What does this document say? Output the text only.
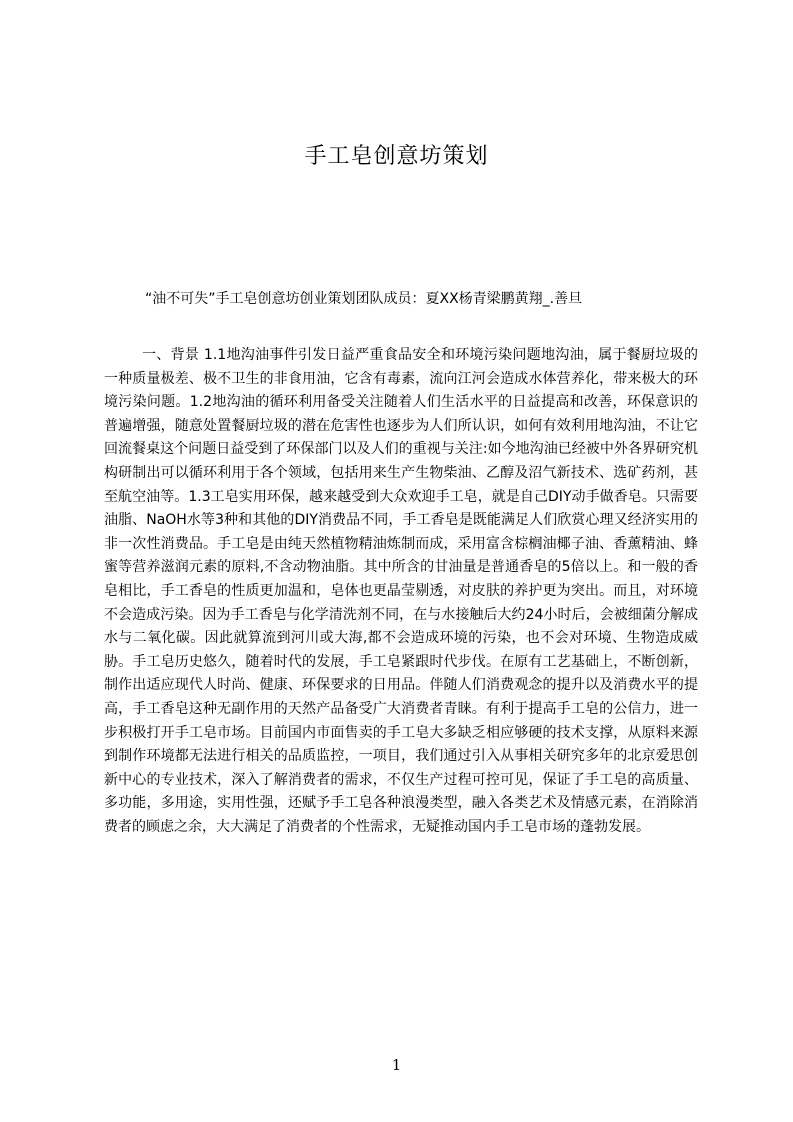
手工皂创意坊策划
“油不可失”手工皂创意坊创业策划团队成员：夏XX杨青梁鹏黄翔_.善旦

一、背景 1.1地沟油事件引发日益严重食品安全和环境污染问题地沟油，属于餐厨垃圾的一种质量极差、极不卫生的非食用油，它含有毒素，流向江河会造成水体营养化，带来极大的环境污染问题。1.2地沟油的循环利用备受关注随着人们生活水平的日益提高和改善，环保意识的普遍增强，随意处置餐厨垃圾的潜在危害性也逐步为人们所认识，如何有效利用地沟油，不让它回流餐桌这个问题日益受到了环保部门以及人们的重视与关注:如今地沟油已经被中外各界研究机构研制出可以循环利用于各个领域，包括用来生产生物柴油、乙醇及沼气新技术、选矿药剂，甚至航空油等。1.3工皂实用环保，越来越受到大众欢迎手工皂，就是自己DIY动手做香皂。只需要油脂、NaOH水等3种和其他的DIY消费品不同，手工香皂是既能满足人们欣赏心理又经济实用的非一次性消费品。手工皂是由纯天然植物精油炼制而成，采用富含棕榈油椰子油、香薰精油、蜂蜜等营养滋润元素的原料,不含动物油脂。其中所含的甘油量是普通香皂的5倍以上。和一般的香皂相比，手工香皂的性质更加温和，皂体也更晶莹剔透，对皮肤的养护更为突出。而且，对环境不会造成污染。因为手工香皂与化学清洗剂不同，在与水接触后大约24小时后，会被细菌分解成水与二氧化碳。因此就算流到河川或大海,都不会造成环境的污染，也不会对环境、生物造成威胁。手工皂历史悠久，随着时代的发展，手工皂紧跟时代步伐。在原有工艺基础上，不断创新，制作出适应现代人时尚、健康、环保要求的日用品。伴随人们消费观念的提升以及消费水平的提高，手工香皂这种无副作用的天然产品备受广大消费者青睐。有利于提高手工皂的公信力，进一步积极打开手工皂市场。目前国内市面售卖的手工皂大多缺乏相应够硬的技术支撑，从原料来源到制作环境都无法进行相关的品质监控，一项目，我们通过引入从事相关研究多年的北京爱思创新中心的专业技术，深入了解消费者的需求，不仅生产过程可控可见，保证了手工皂的高质量、多功能，多用途，实用性强，还赋予手工皂各种浪漫类型，融入各类艺术及情感元素，在消除消费者的顾虑之余，大大满足了消费者的个性需求，无疑推动国内手工皂市场的蓬勃发展。

1
